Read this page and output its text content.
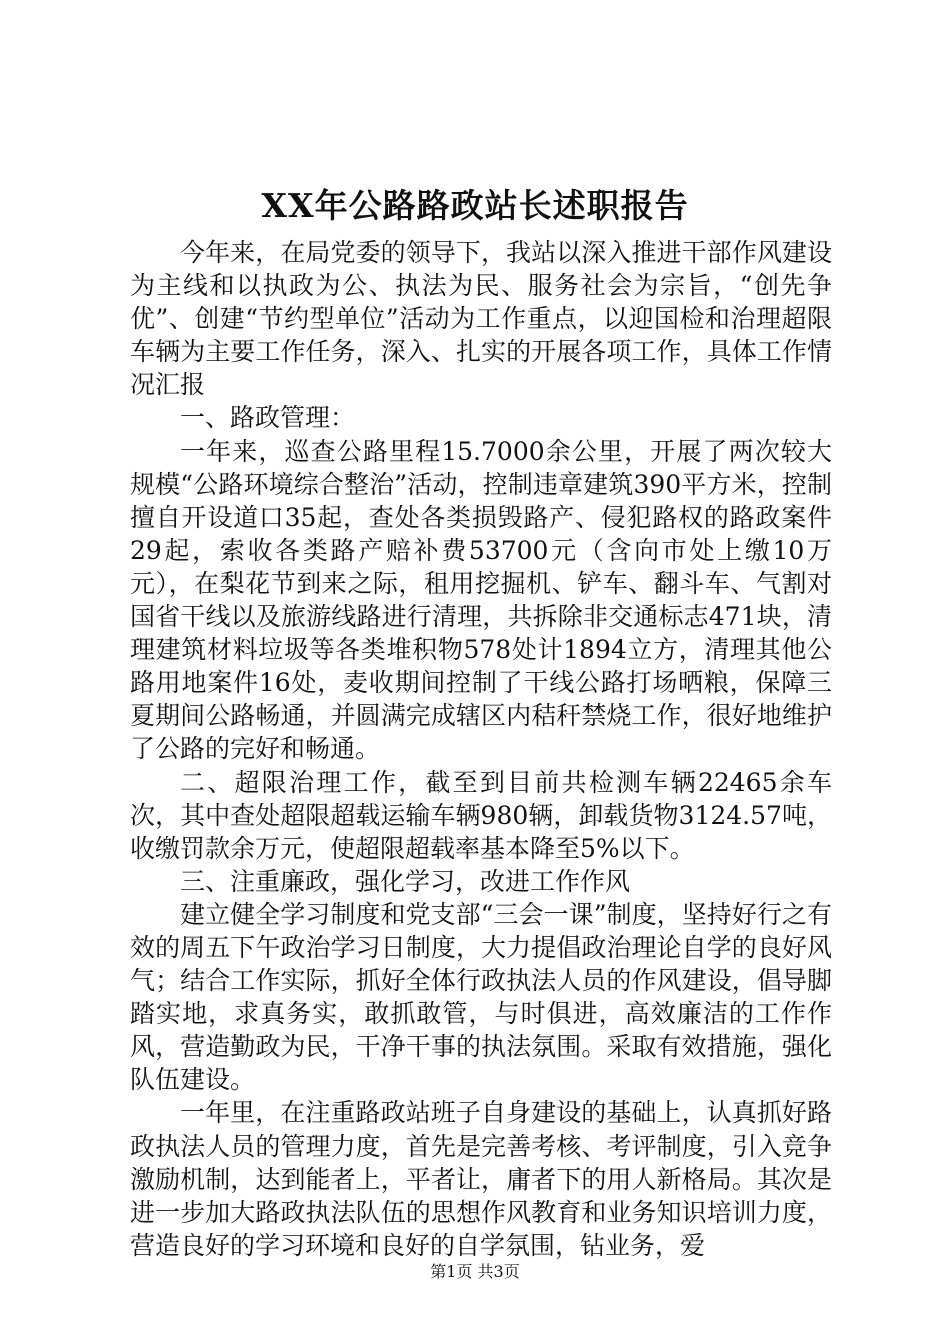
XX年公路路政站长述职报告

今年来，在局党委的领导下，我站以深入推进干部作风建设为主线和以执政为公、执法为民、服务社会为宗旨，“创先争优”、创建“节约型单位”活动为工作重点，以迎国检和治理超限车辆为主要工作任务，深入、扎实的开展各项工作，具体工作情况汇报

一、路政管理：

一年来，巡查公路里程15.7000余公里，开展了两次较大规模“公路环境综合整治”活动，控制违章建筑390平方米，控制擅自开设道口35起，查处各类损毁路产、侵犯路权的路政案件29起，索收各类路产赔补费53700元（含向市处上缴10万元），在梨花节到来之际，租用挖掘机、铲车、翻斗车、气割对国省干线以及旅游线路进行清理，共拆除非交通标志471块，清理建筑材料垃圾等各类堆积物578处计1894立方，清理其他公路用地案件16处，麦收期间控制了干线公路打场晒粮，保障三夏期间公路畅通，并圆满完成辖区内秸秆禁烧工作，很好地维护了公路的完好和畅通。

二、超限治理工作，截至到目前共检测车辆22465余车次，其中查处超限超载运输车辆980辆，卸载货物3124.57吨，收缴罚款余万元，使超限超载率基本降至5%以下。

三、注重廉政，强化学习，改进工作作风

建立健全学习制度和党支部“三会一课”制度，坚持好行之有效的周五下午政治学习日制度，大力提倡政治理论自学的良好风气；结合工作实际，抓好全体行政执法人员的作风建设，倡导脚踏实地，求真务实，敢抓敢管，与时俱进，高效廉洁的工作作风，营造勤政为民，干净干事的执法氛围。采取有效措施，强化队伍建设。

一年里，在注重路政站班子自身建设的基础上，认真抓好路政执法人员的管理力度，首先是完善考核、考评制度，引入竞争激励机制，达到能者上，平者让，庸者下的用人新格局。其次是进一步加大路政执法队伍的思想作风教育和业务知识培训力度，营造良好的学习环境和良好的自学氛围，钻业务，爱

第1页 共3页
